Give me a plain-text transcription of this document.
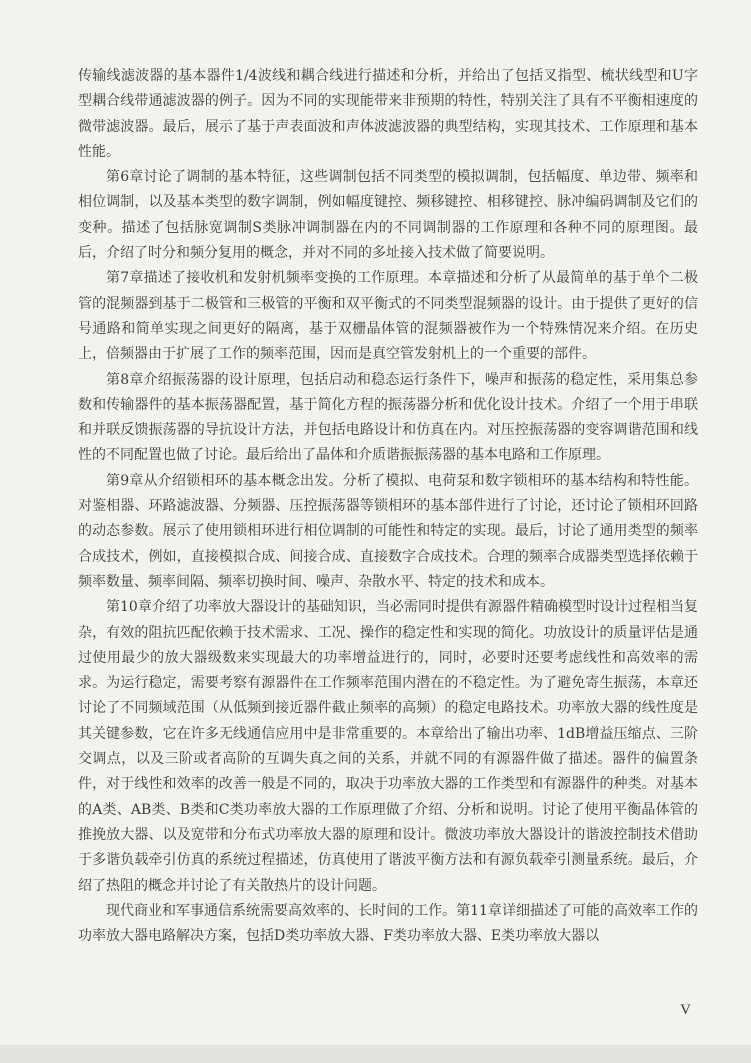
传输线滤波器的基本器件1/4波线和耦合线进行描述和分析，并给出了包括叉指型、梳状线型和U字型耦合线带通滤波器的例子。因为不同的实现能带来非预期的特性，特别关注了具有不平衡相速度的微带滤波器。最后，展示了基于声表面波和声体波滤波器的典型结构，实现其技术、工作原理和基本性能。

第6章讨论了调制的基本特征，这些调制包括不同类型的模拟调制，包括幅度、单边带、频率和相位调制，以及基本类型的数字调制，例如幅度键控、频移键控、相移键控、脉冲编码调制及它们的变种。描述了包括脉宽调制S类脉冲调制器在内的不同调制器的工作原理和各种不同的原理图。最后，介绍了时分和频分复用的概念，并对不同的多址接入技术做了简要说明。

第7章描述了接收机和发射机频率变换的工作原理。本章描述和分析了从最简单的基于单个二极管的混频器到基于二极管和三极管的平衡和双平衡式的不同类型混频器的设计。由于提供了更好的信号通路和简单实现之间更好的隔离，基于双栅晶体管的混频器被作为一个特殊情况来介绍。在历史上，倍频器由于扩展了工作的频率范围，因而是真空管发射机上的一个重要的部件。

第8章介绍振荡器的设计原理，包括启动和稳态运行条件下，噪声和振荡的稳定性，采用集总参数和传输器件的基本振荡器配置，基于简化方程的振荡器分析和优化设计技术。介绍了一个用于串联和并联反馈振荡器的导抗设计方法，并包括电路设计和仿真在内。对压控振荡器的变容调谐范围和线性的不同配置也做了讨论。最后给出了晶体和介质谐振振荡器的基本电路和工作原理。

第9章从介绍锁相环的基本概念出发。分析了模拟、电荷泵和数字锁相环的基本结构和特性能。对鉴相器、环路滤波器、分频器、压控振荡器等锁相环的基本部件进行了讨论，还讨论了锁相环回路的动态参数。展示了使用锁相环进行相位调制的可能性和特定的实现。最后，讨论了通用类型的频率合成技术，例如，直接模拟合成、间接合成、直接数字合成技术。合理的频率合成器类型选择依赖于频率数量、频率间隔、频率切换时间、噪声、杂散水平、特定的技术和成本。

第10章介绍了功率放大器设计的基础知识，当必需同时提供有源器件精确模型时设计过程相当复杂，有效的阻抗匹配依赖于技术需求、工况、操作的稳定性和实现的简化。功放设计的质量评估是通过使用最少的放大器级数来实现最大的功率增益进行的，同时，必要时还要考虑线性和高效率的需求。为运行稳定，需要考察有源器件在工作频率范围内潜在的不稳定性。为了避免寄生振荡，本章还讨论了不同频域范围（从低频到接近器件截止频率的高频）的稳定电路技术。功率放大器的线性度是其关键参数，它在许多无线通信应用中是非常重要的。本章给出了输出功率、1dB增益压缩点、三阶交调点，以及三阶或者高阶的互调失真之间的关系，并就不同的有源器件做了描述。器件的偏置条件，对于线性和效率的改善一般是不同的，取决于功率放大器的工作类型和有源器件的种类。对基本的A类、AB类、B类和C类功率放大器的工作原理做了介绍、分析和说明。讨论了使用平衡晶体管的推挽放大器、以及宽带和分布式功率放大器的原理和设计。微波功率放大器设计的谐波控制技术借助于多谐负载牵引仿真的系统过程描述，仿真使用了谐波平衡方法和有源负载牵引测量系统。最后，介绍了热阻的概念并讨论了有关散热片的设计问题。

现代商业和军事通信系统需要高效率的、长时间的工作。第11章详细描述了可能的高效率工作的功率放大器电路解决方案，包括D类功率放大器、F类功率放大器、E类功率放大器以

V
